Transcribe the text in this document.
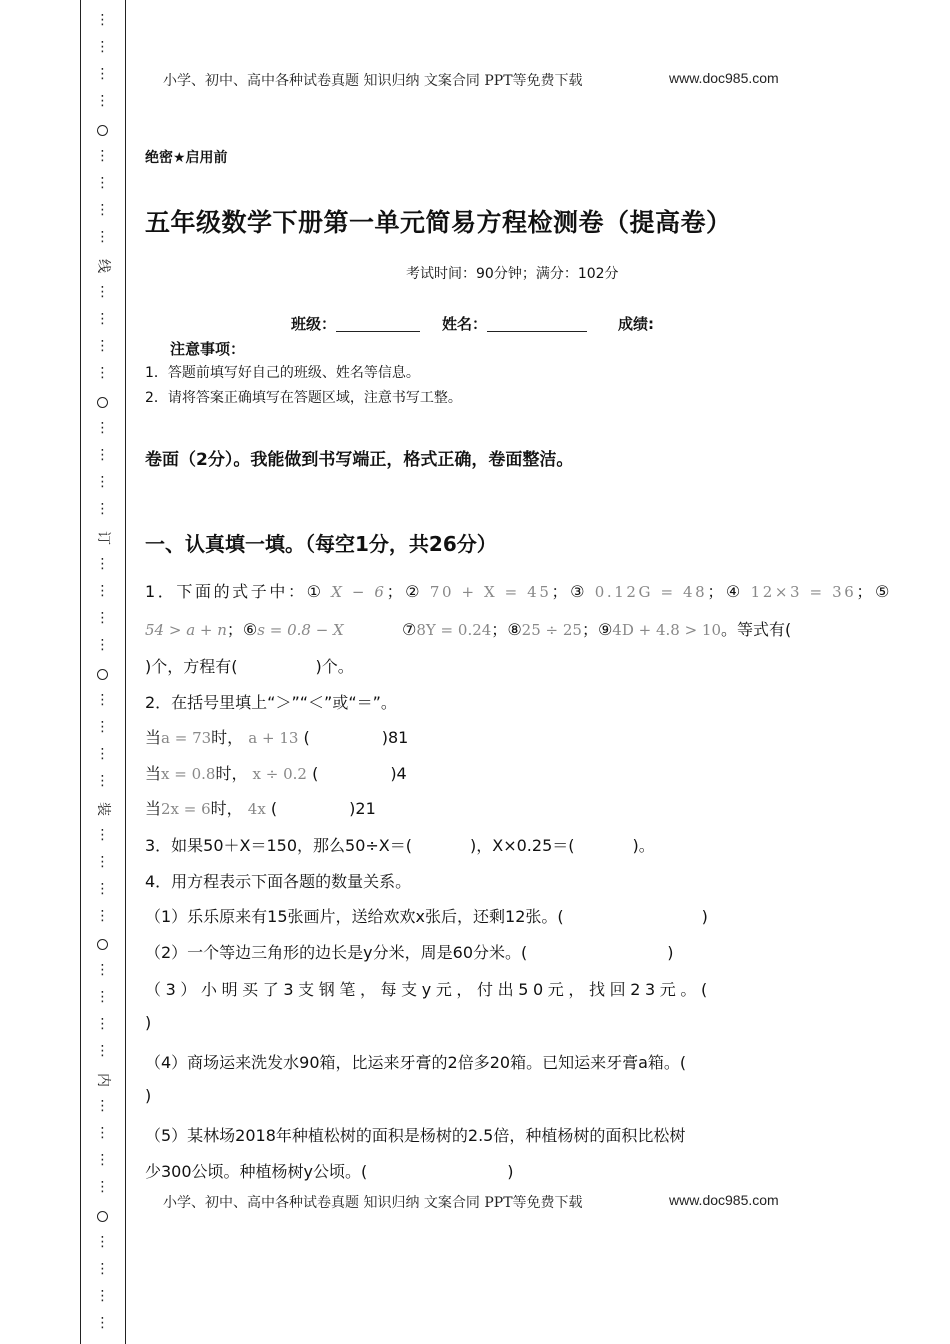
⋮
⋮
⋮
⋮
⋮
⋮
⋮
⋮
线
⋮
⋮
⋮
⋮
⋮
⋮
⋮
⋮
订
⋮
⋮
⋮
⋮
⋮
⋮
⋮
⋮
装
⋮
⋮
⋮
⋮
⋮
⋮
⋮
⋮
内
⋮
⋮
⋮
⋮
⋮
⋮
⋮
⋮
小学、初中、高中各种试卷真题 知识归纳 文案合同 PPT等免费下载	www.doc985.com
绝密★启用前
五年级数学下册第一单元简易方程检测卷（提高卷）
考试时间：90分钟；满分：102分
班级：	姓名：	成绩:
注意事项：
1．答题前填写好自己的班级、姓名等信息。
2．请将答案正确填写在答题区域，注意书写工整。
卷面（2分）。我能做到书写端正，格式正确，卷面整洁。
一、认真填一填。（每空1分，共26分）
1．下面的式子中：① X − 6；② 70 + X = 45；③ 0.12G = 48；④ 12×3 = 36；⑤
54 > a + n；⑥s = 0.8 − X	⑦8Y = 0.24；⑧25 ÷ 25；⑨4D + 4.8 > 10。等式有(
)个，方程有(	)个。
2．在括号里填上“＞”“＜”或“＝”。
当a = 73时， a + 13 (	)81
当x = 0.8时， x ÷ 0.2 (	)4
当2x = 6时， 4x (	)21
3．如果50＋X＝150，那么50÷X＝(	)，X×0.25＝(	)。
4．用方程表示下面各题的数量关系。
（1）乐乐原来有15张画片，送给欢欢x张后，还剩12张。(	)
（2）一个等边三角形的边长是y分米，周是60分米。(	)
（3）小明买了3支钢笔，每支y元，付出50元，找回23元。(
)
（4）商场运来洗发水90箱，比运来牙膏的2倍多20箱。已知运来牙膏a箱。(
)
（5）某林场2018年种植松树的面积是杨树的2.5倍，种植杨树的面积比松树
少300公顷。种植杨树y公顷。(	)
小学、初中、高中各种试卷真题 知识归纳 文案合同 PPT等免费下载	www.doc985.com
